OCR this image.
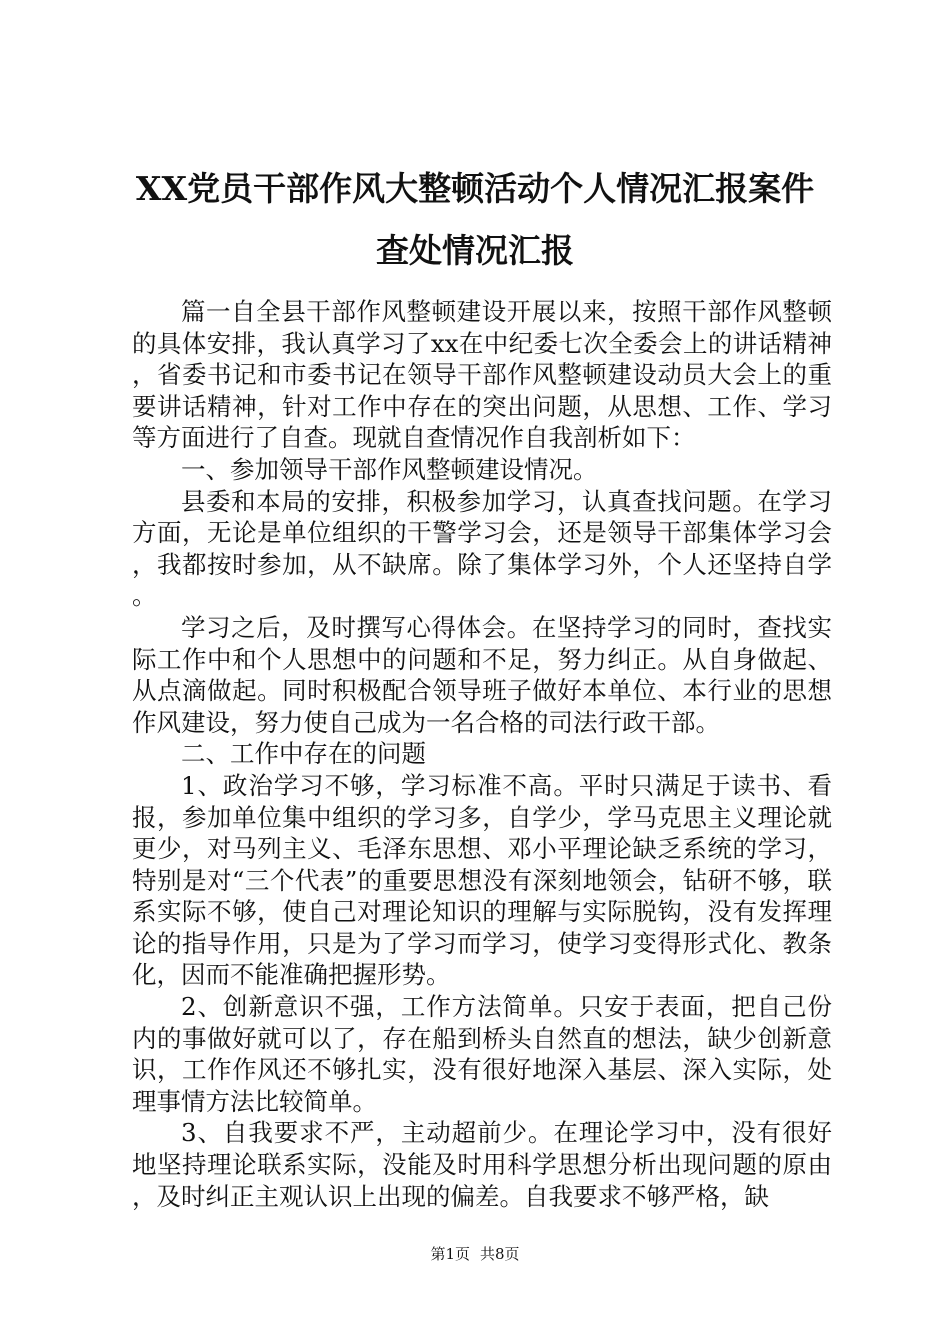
XX党员干部作风大整顿活动个人情况汇报案件查处情况汇报

篇一自全县干部作风整顿建设开展以来，按照干部作风整顿的具体安排，我认真学习了xx在中纪委七次全委会上的讲话精神，省委书记和市委书记在领导干部作风整顿建设动员大会上的重要讲话精神，针对工作中存在的突出问题，从思想、工作、学习等方面进行了自查。现就自查情况作自我剖析如下：

一、参加领导干部作风整顿建设情况。

县委和本局的安排，积极参加学习，认真查找问题。在学习方面，无论是单位组织的干警学习会，还是领导干部集体学习会，我都按时参加，从不缺席。除了集体学习外，个人还坚持自学。

学习之后，及时撰写心得体会。在坚持学习的同时，查找实际工作中和个人思想中的问题和不足，努力纠正。从自身做起、从点滴做起。同时积极配合领导班子做好本单位、本行业的思想作风建设，努力使自己成为一名合格的司法行政干部。

二、工作中存在的问题

1、政治学习不够，学习标准不高。平时只满足于读书、看报，参加单位集中组织的学习多，自学少，学马克思主义理论就更少，对马列主义、毛泽东思想、邓小平理论缺乏系统的学习，特别是对“三个代表”的重要思想没有深刻地领会，钻研不够，联系实际不够，使自己对理论知识的理解与实际脱钩，没有发挥理论的指导作用，只是为了学习而学习，使学习变得形式化、教条化，因而不能准确把握形势。

2、创新意识不强，工作方法简单。只安于表面，把自己份内的事做好就可以了，存在船到桥头自然直的想法，缺少创新意识，工作作风还不够扎实，没有很好地深入基层、深入实际，处理事情方法比较简单。

3、自我要求不严，主动超前少。在理论学习中，没有很好地坚持理论联系实际，没能及时用科学思想分析出现问题的原由，及时纠正主观认识上出现的偏差。自我要求不够严格，缺

第1页 共8页
